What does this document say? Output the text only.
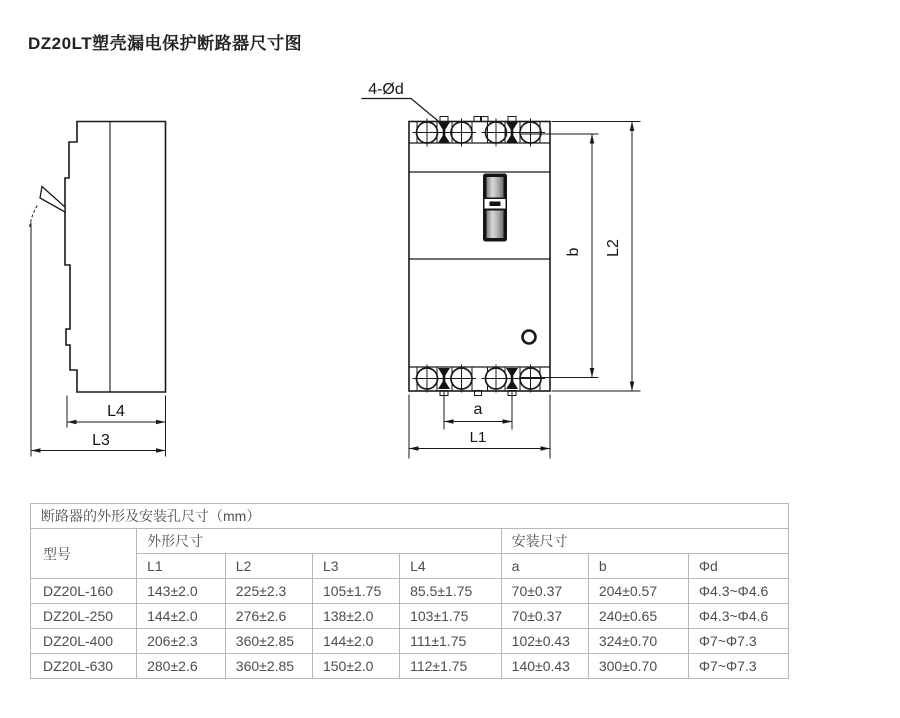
DZ20LT塑壳漏电保护断路器尺寸图
L4
L3
4-Ød
b L2
a
L1
断路器的外形及安装孔尺寸（mm）							
型号	外形尺寸				安装尺寸		
	L1	L2	L3	L4	a	b	Φd
DZ20L-160	143±2.0	225±2.3	105±1.75	85.5±1.75	70±0.37	204±0.57	Φ4.3~Φ4.6
DZ20L-250	144±2.0	276±2.6	138±2.0	103±1.75	70±0.37	240±0.65	Φ4.3~Φ4.6
DZ20L-400	206±2.3	360±2.85	144±2.0	111±1.75	102±0.43	324±0.70	Φ7~Φ7.3
DZ20L-630	280±2.6	360±2.85	150±2.0	112±1.75	140±0.43	300±0.70	Φ7~Φ7.3
